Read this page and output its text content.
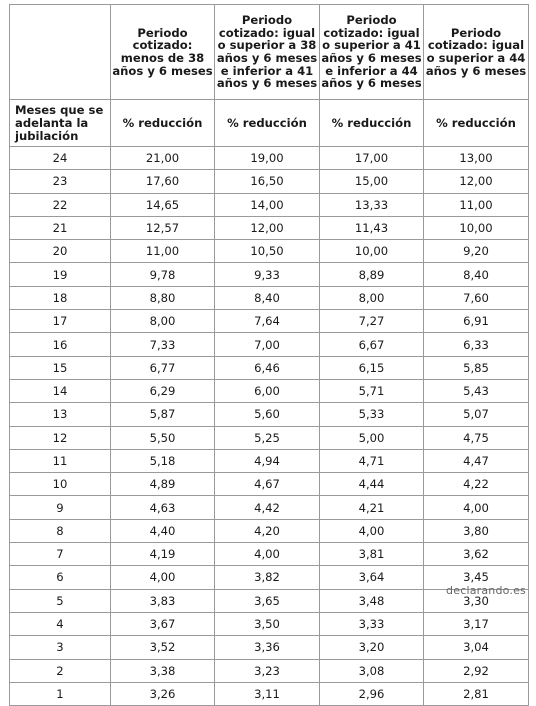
	Periodo cotizado: menos de 38 años y 6 meses	Periodo cotizado: igual o superior a 38 años y 6 meses e inferior a 41 años y 6 meses	Periodo cotizado: igual o superior a 41 años y 6 meses e inferior a 44 años y 6 meses	Periodo cotizado: igual o superior a 44 años y 6 meses
Meses que se adelanta la jubilación	% reducción	% reducción	% reducción	% reducción
24	21,00	19,00	17,00	13,00
23	17,60	16,50	15,00	12,00
22	14,65	14,00	13,33	11,00
21	12,57	12,00	11,43	10,00
20	11,00	10,50	10,00	9,20
19	9,78	9,33	8,89	8,40
18	8,80	8,40	8,00	7,60
17	8,00	7,64	7,27	6,91
16	7,33	7,00	6,67	6,33
15	6,77	6,46	6,15	5,85
14	6,29	6,00	5,71	5,43
13	5,87	5,60	5,33	5,07
12	5,50	5,25	5,00	4,75
11	5,18	4,94	4,71	4,47
10	4,89	4,67	4,44	4,22
9	4,63	4,42	4,21	4,00
8	4,40	4,20	4,00	3,80
7	4,19	4,00	3,81	3,62
6	4,00	3,82	3,64	3,45
5	3,83	3,65	3,48	3,30
4	3,67	3,50	3,33	3,17
3	3,52	3,36	3,20	3,04
2	3,38	3,23	3,08	2,92
1	3,26	3,11	2,96	2,81
declarando.es
